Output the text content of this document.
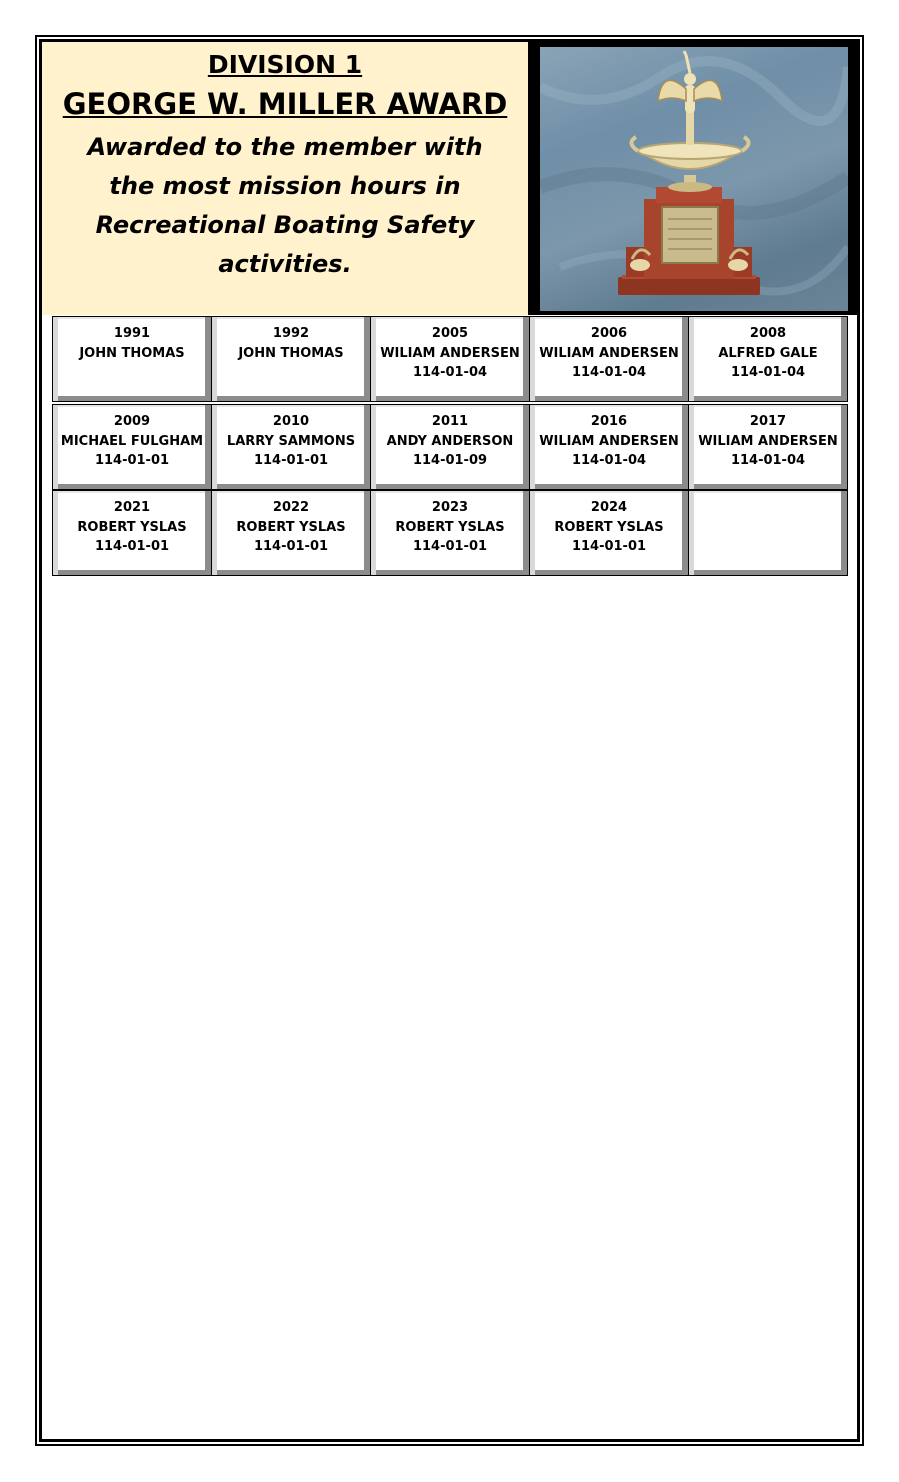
DIVISION 1
GEORGE W. MILLER AWARD
Awarded to the member with the most mission hours in Recreational Boating Safety activities.
1991
JOHN THOMAS

1992
JOHN THOMAS

2005
WILIAM ANDERSEN
114-01-04
2006
WILIAM ANDERSEN
114-01-04
2008
ALFRED GALE
114-01-04
2009
MICHAEL FULGHAM
114-01-01
2010
LARRY SAMMONS
114-01-01
2011
ANDY ANDERSON
114-01-09
2016
WILIAM ANDERSEN
114-01-04
2017
WILIAM ANDERSEN
114-01-04
2021
ROBERT YSLAS
114-01-01
2022
ROBERT YSLAS
114-01-01
2023
ROBERT YSLAS
114-01-01
2024
ROBERT YSLAS
114-01-01
